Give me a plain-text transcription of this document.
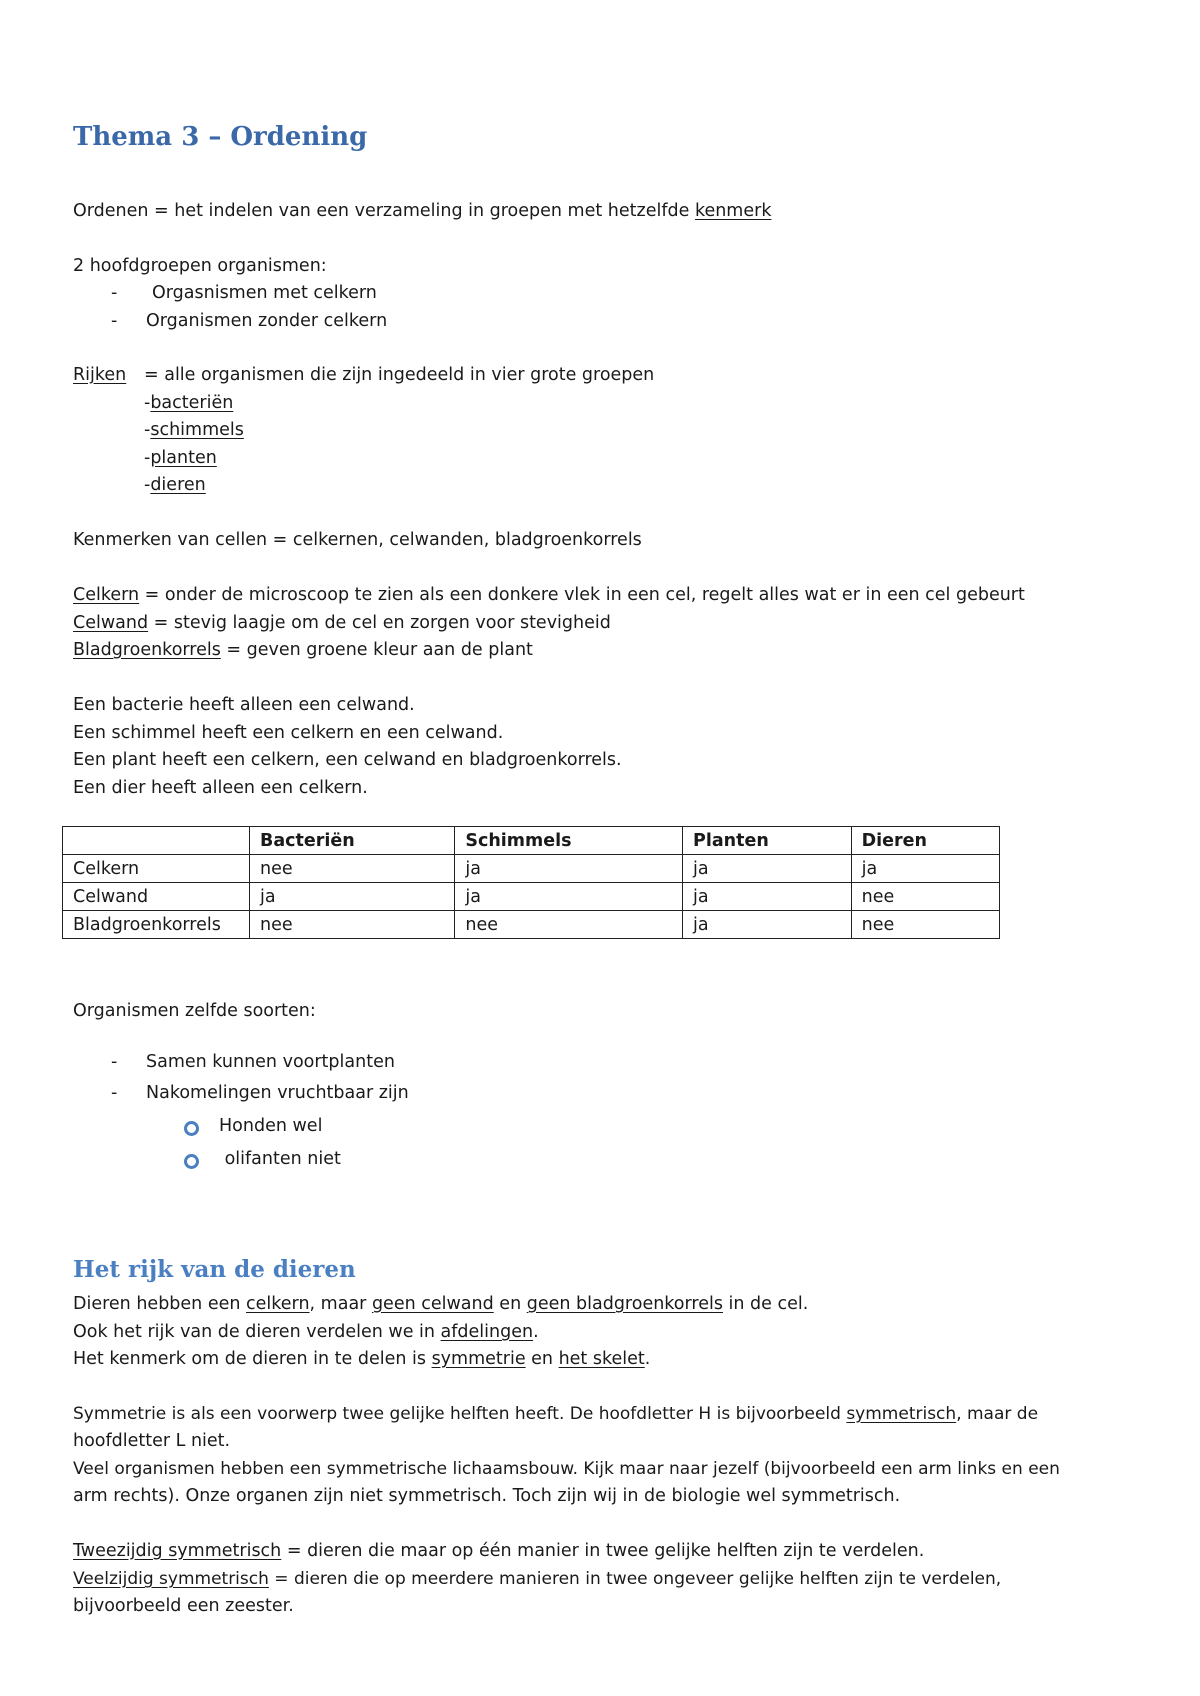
Thema 3 – Ordening
Ordenen = het indelen van een verzameling in groepen met hetzelfde kenmerk
2 hoofdgroepen organismen:
- Orgasnismen met celkern
- Organismen zonder celkern
Rijken = alle organismen die zijn ingedeeld in vier grote groepen
-bacteriën
-schimmels
-planten
-dieren
Kenmerken van cellen = celkernen, celwanden, bladgroenkorrels
Celkern = onder de microscoop te zien als een donkere vlek in een cel, regelt alles wat er in een cel gebeurt
Celwand = stevig laagje om de cel en zorgen voor stevigheid
Bladgroenkorrels = geven groene kleur aan de plant
Een bacterie heeft alleen een celwand.
Een schimmel heeft een celkern en een celwand.
Een plant heeft een celkern, een celwand en bladgroenkorrels.
Een dier heeft alleen een celkern.
	Bacteriën	Schimmels	Planten	Dieren
Celkern	nee	ja	ja	ja
Celwand	ja	ja	ja	nee
Bladgroenkorrels	nee	nee	ja	nee
Organismen zelfde soorten:
- Samen kunnen voortplanten
- Nakomelingen vruchtbaar zijn
Honden wel
olifanten niet
Het rijk van de dieren
Dieren hebben een celkern, maar geen celwand en geen bladgroenkorrels in de cel.
Ook het rijk van de dieren verdelen we in afdelingen.
Het kenmerk om de dieren in te delen is symmetrie en het skelet.
Symmetrie is als een voorwerp twee gelijke helften heeft. De hoofdletter H is bijvoorbeeld symmetrisch, maar de
hoofdletter L niet.
Veel organismen hebben een symmetrische lichaamsbouw. Kijk maar naar jezelf (bijvoorbeeld een arm links en een
arm rechts). Onze organen zijn niet symmetrisch. Toch zijn wij in de biologie wel symmetrisch.
Tweezijdig symmetrisch = dieren die maar op één manier in twee gelijke helften zijn te verdelen.
Veelzijdig symmetrisch = dieren die op meerdere manieren in twee ongeveer gelijke helften zijn te verdelen,
bijvoorbeeld een zeester.
